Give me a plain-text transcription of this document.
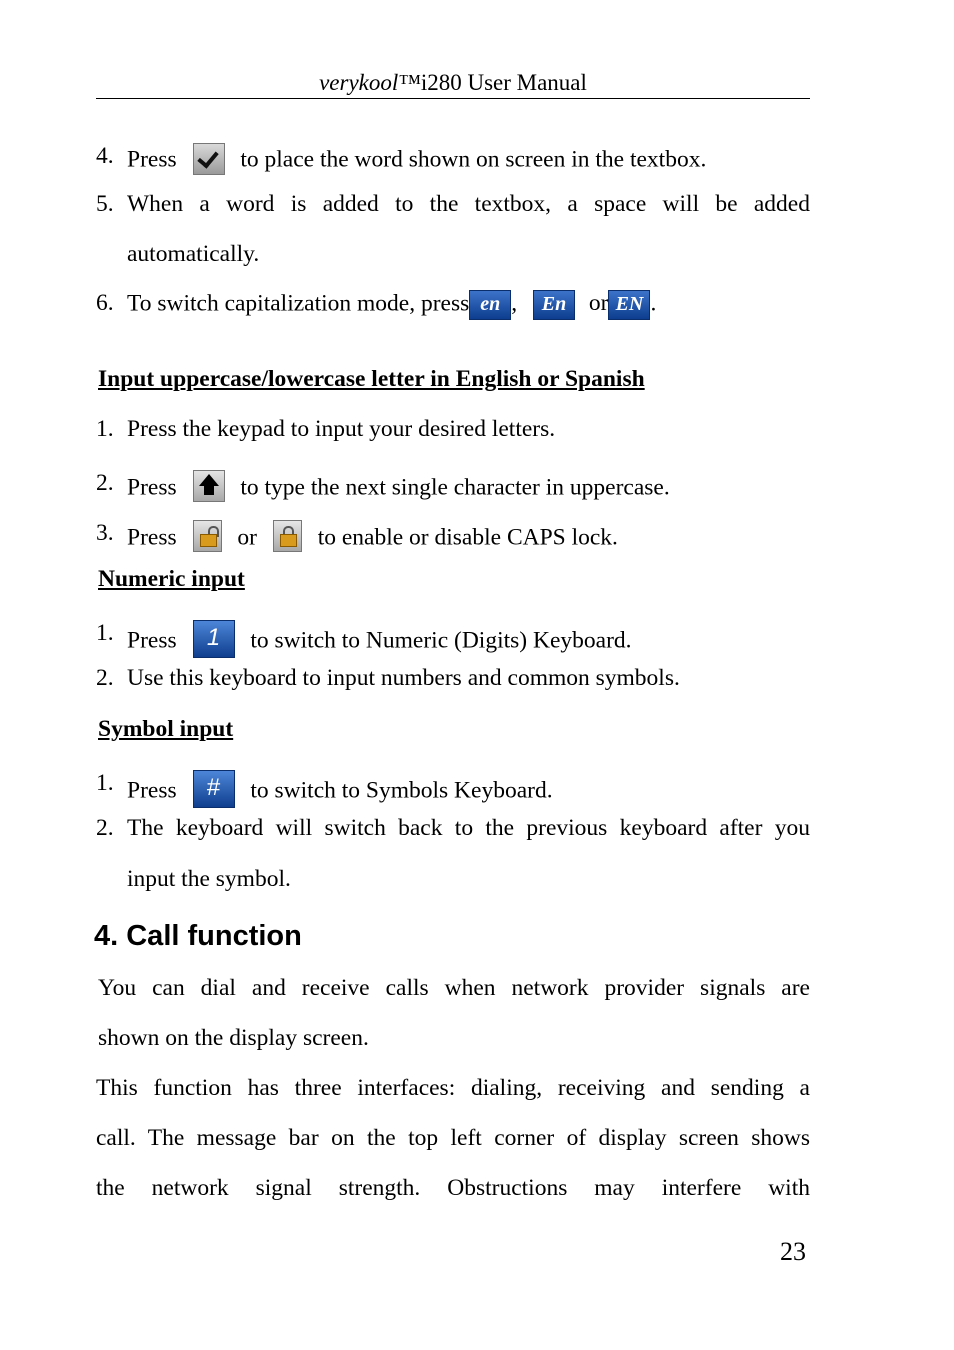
verykool™i280 User Manual
4. Press	to place the word shown on screen in the textbox.
5. When a word is added to the textbox, a space will be added
automatically.
6. To switch capitalization mode, press en , En or EN .
Input uppercase/lowercase letter in English or Spanish
1. Press the keypad to input your desired letters.
2. Press	to type the next single character in uppercase.
3. Press	or	to enable or disable CAPS lock.
Numeric input
1. Press 1 to switch to Numeric (Digits) Keyboard.
2. Use this keyboard to input numbers and common symbols.
Symbol input
1. Press # to switch to Symbols Keyboard.
2. The keyboard will switch back to the previous keyboard after you
input the symbol.
4. Call function
You can dial and receive calls when network provider signals are
shown on the display screen.
This function has three interfaces: dialing, receiving and sending a
call. The message bar on the top left corner of display screen shows
the network signal strength. Obstructions may interfere with
23
